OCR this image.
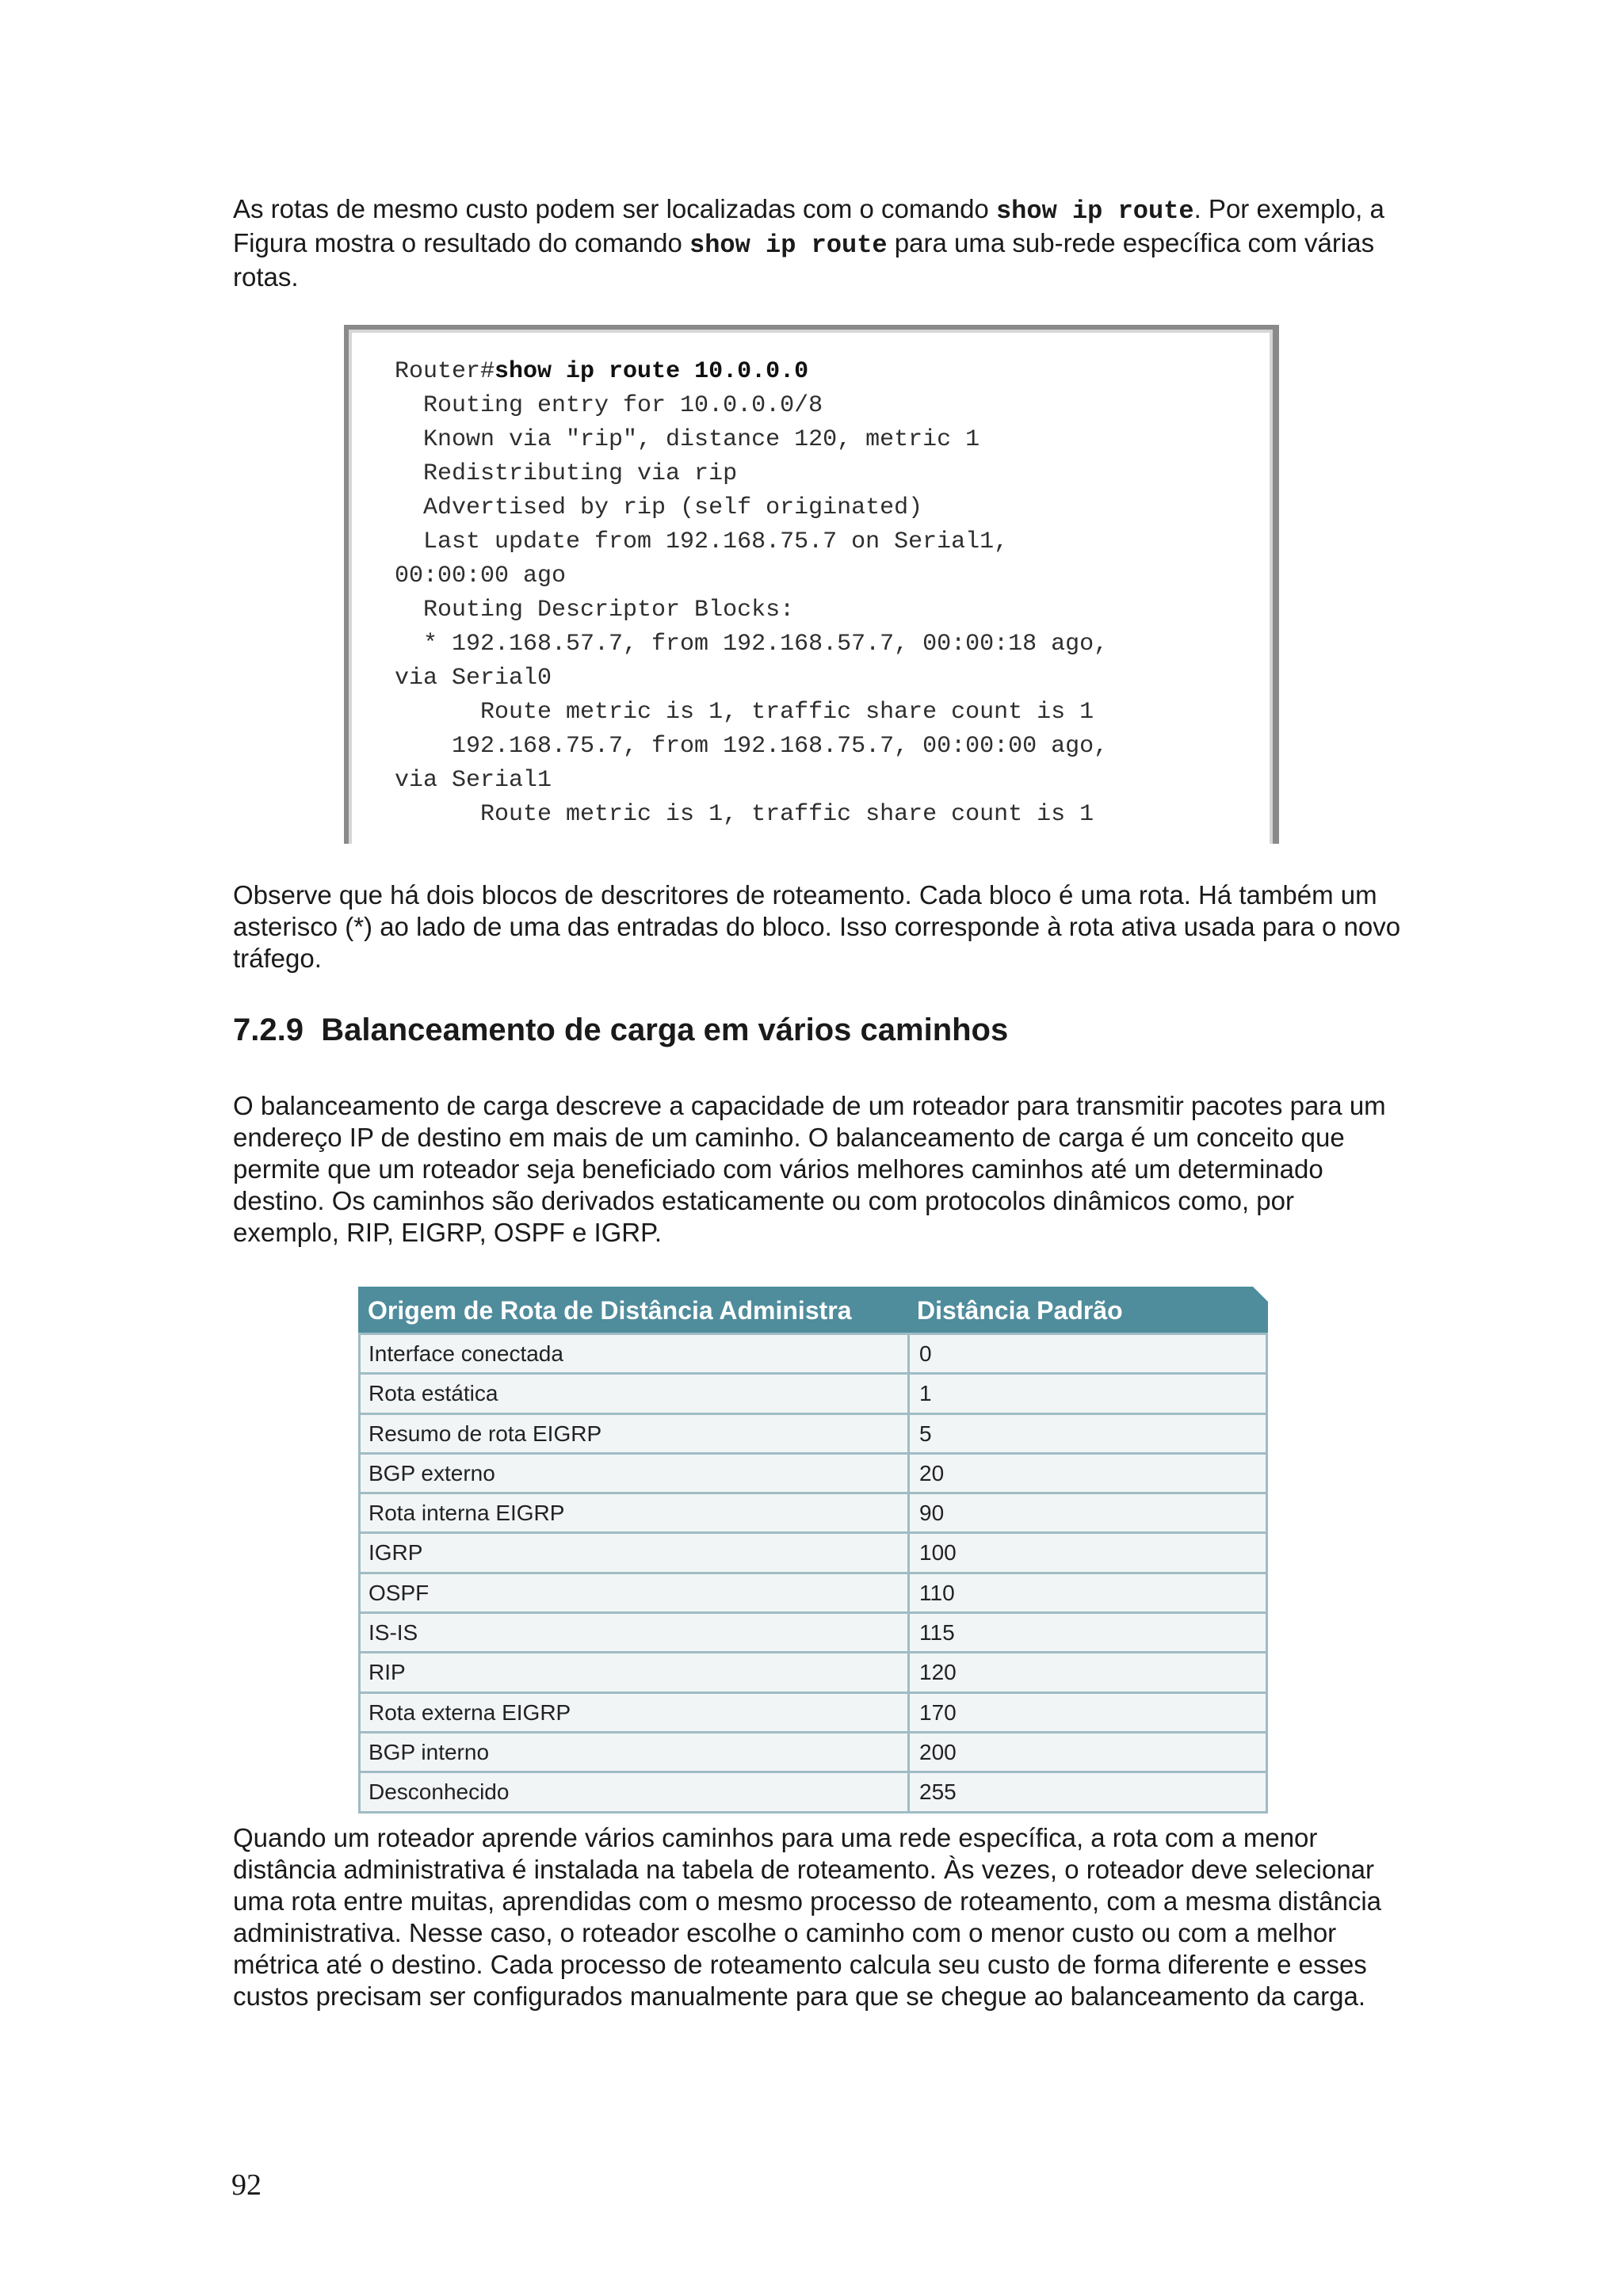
As rotas de mesmo custo podem ser localizadas com o comando show ip route. Por exemplo, a Figura mostra o resultado do comando show ip route para uma sub-rede específica com várias rotas.

Router#show ip route 10.0.0.0

Routing entry for 10.0.0.0/8

Known via "rip", distance 120, metric 1

Redistributing via rip

Advertised by rip (self originated)

Last update from 192.168.75.7 on Serial1,

00:00:00 ago

Routing Descriptor Blocks:

* 192.168.57.7, from 192.168.57.7, 00:00:18 ago,

via Serial0

Route metric is 1, traffic share count is 1

192.168.75.7, from 192.168.75.7, 00:00:00 ago,

via Serial1

Route metric is 1, traffic share count is 1

Observe que há dois blocos de descritores de roteamento. Cada bloco é uma rota. Há também um asterisco (*) ao lado de uma das entradas do bloco. Isso corresponde à rota ativa usada para o novo tráfego.

7.2.9 Balanceamento de carga em vários caminhos

O balanceamento de carga descreve a capacidade de um roteador para transmitir pacotes para um endereço IP de destino em mais de um caminho. O balanceamento de carga é um conceito que permite que um roteador seja beneficiado com vários melhores caminhos até um determinado destino. Os caminhos são derivados estaticamente ou com protocolos dinâmicos como, por exemplo, RIP, EIGRP, OSPF e IGRP.

Origem de Rota de Distância Administra	Distância Padrão
Interface conectada	0
Rota estática	1
Resumo de rota EIGRP	5
BGP externo	20
Rota interna EIGRP	90
IGRP	100
OSPF	110
IS-IS	115
RIP	120
Rota externa EIGRP	170
BGP interno	200
Desconhecido	255

Quando um roteador aprende vários caminhos para uma rede específica, a rota com a menor distância administrativa é instalada na tabela de roteamento. Às vezes, o roteador deve selecionar uma rota entre muitas, aprendidas com o mesmo processo de roteamento, com a mesma distância administrativa. Nesse caso, o roteador escolhe o caminho com o menor custo ou com a melhor métrica até o destino. Cada processo de roteamento calcula seu custo de forma diferente e esses custos precisam ser configurados manualmente para que se chegue ao balanceamento da carga.

92
